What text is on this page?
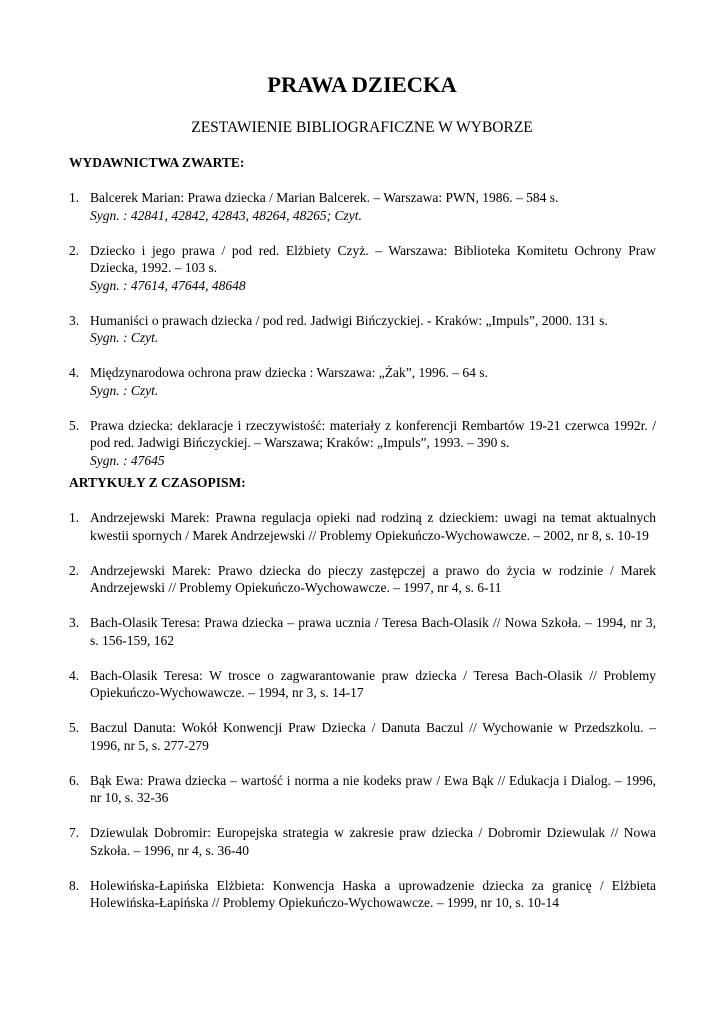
PRAWA DZIECKA
ZESTAWIENIE BIBLIOGRAFICZNE W WYBORZE
WYDAWNICTWA ZWARTE:
1. Balcerek Marian: Prawa dziecka / Marian Balcerek. – Warszawa: PWN, 1986. – 584 s.
Sygn. : 42841, 42842, 42843, 48264, 48265; Czyt.
2. Dziecko i jego prawa / pod red. Elżbiety Czyż. – Warszawa: Biblioteka Komitetu Ochrony Praw Dziecka, 1992. – 103 s.
Sygn. : 47614, 47644, 48648
3. Humaniści o prawach dziecka / pod red. Jadwigi Bińczyckiej. - Kraków: „Impuls”, 2000. 131 s.
Sygn. : Czyt.
4. Międzynarodowa ochrona praw dziecka : Warszawa: „Żak”, 1996. – 64 s.
Sygn. : Czyt.
5. Prawa dziecka: deklaracje i rzeczywistość: materiały z konferencji Rembartów 19-21 czerwca 1992r. / pod red. Jadwigi Bińczyckiej. – Warszawa; Kraków: „Impuls”, 1993. – 390 s.
Sygn. : 47645
ARTYKUŁY Z CZASOPISM:
1. Andrzejewski Marek: Prawna regulacja opieki nad rodziną z dzieckiem: uwagi na temat aktualnych kwestii spornych / Marek Andrzejewski // Problemy Opiekuńczo-Wychowawcze. – 2002, nr 8, s. 10-19
2. Andrzejewski Marek: Prawo dziecka do pieczy zastępczej a prawo do życia w rodzinie / Marek Andrzejewski // Problemy Opiekuńczo-Wychowawcze. – 1997, nr 4, s. 6-11
3. Bach-Olasik Teresa: Prawa dziecka – prawa ucznia / Teresa Bach-Olasik // Nowa Szkoła. – 1994, nr 3, s. 156-159, 162
4. Bach-Olasik Teresa: W trosce o zagwarantowanie praw dziecka / Teresa Bach-Olasik // Problemy Opiekuńczo-Wychowawcze. – 1994, nr 3, s. 14-17
5. Baczul Danuta: Wokół Konwencji Praw Dziecka / Danuta Baczul // Wychowanie w Przedszkolu. – 1996, nr 5, s. 277-279
6. Bąk Ewa: Prawa dziecka – wartość i norma a nie kodeks praw / Ewa Bąk // Edukacja i Dialog. – 1996, nr 10, s. 32-36
7. Dziewulak Dobromir: Europejska strategia w zakresie praw dziecka / Dobromir Dziewulak // Nowa Szkoła. – 1996, nr 4, s. 36-40
8. Holewińska-Łapińska Elżbieta: Konwencja Haska a uprowadzenie dziecka za granicę / Elżbieta Holewińska-Łapińska // Problemy Opiekuńczo-Wychowawcze. – 1999, nr 10, s. 10-14
